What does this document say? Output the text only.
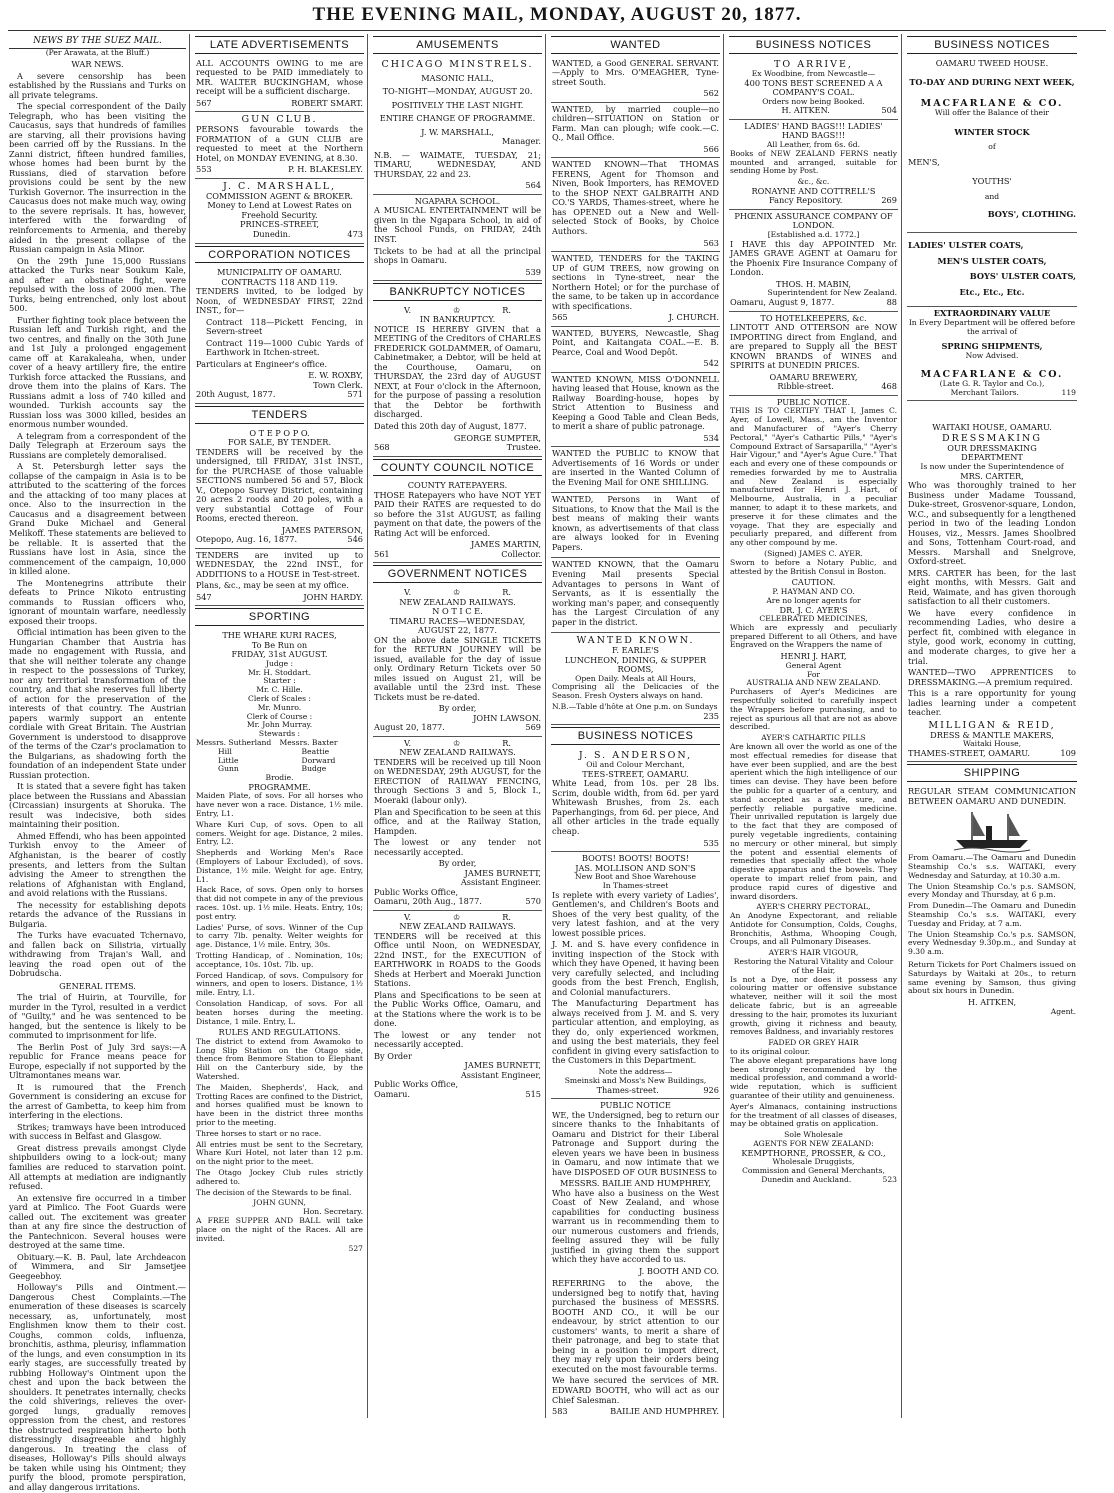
THE EVENING MAIL, MONDAY, AUGUST 20, 1877.
NEWS BY THE SUEZ MAIL.
(Per Arawata, at the Bluff.)
WAR NEWS.

A severe censorship has been established by the Russians and Turks on all private telegrams.

The special correspondent of the Daily Telegraph, who has been visiting the Caucasus, says that hundreds of families are starving, all their provisions having been carried off by the Russians. In the Zanni district, fifteen hundred families, whose homes had been burnt by the Russians, died of starvation before provisions could be sent by the new Turkish Governor. The insurrection in the Caucasus does not make much way, owing to the severe reprisals. It has, however, interfered with the forwarding of reinforcements to Armenia, and thereby aided in the present collapse of the Russian campaign in Asia Minor.

On the 29th June 15,000 Russians attacked the Turks near Soukum Kale, and after an obstinate fight, were repulsed with the loss of 2000 men. The Turks, being entrenched, only lost about 500.

Further fighting took place between the Russian left and Turkish right, and the two centres, and finally on the 30th June and 1st July a prolonged engagement came off at Karakaleaha, when, under cover of a heavy artillery fire, the entire Turkish force attacked the Russians, and drove them into the plains of Kars. The Russians admit a loss of 740 killed and wounded. Turkish accounts say the Russian loss was 3000 killed, besides an enormous number wounded.

A telegram from a correspondent of the Daily Telegraph at Erzeroum says the Russians are completely demoralised.

A St. Petersburgh letter says the collapse of the campaign in Asia is to be attributed to the scattering of the forces and the attacking of too many places at once. Also to the insurrection in the Caucasus and a disagreement between Grand Duke Michael and General Melikoff. These statements are believed to be reliable. It is asserted that the Russians have lost in Asia, since the commencement of the campaign, 10,000 in killed alone.

The Montenegrins attribute their defeats to Prince Nikoto entrusting commands to Russian officers who, ignorant of mountain warfare, needlessly exposed their troops.

Official intimation has been given to the Hungarian Chamber that Austria has made no engagement with Russia, and that she will neither tolerate any change in respect to the possessions of Turkey, nor any territorial transformation of the country, and that she reserves full liberty of action for the preservation of the interests of that country. The Austrian papers warmly support an entente cordiale with Great Britain. The Austrian Government is understood to disapprove of the terms of the Czar's proclamation to the Bulgarians, as shadowing forth the foundation of an independent State under Russian protection.

It is stated that a severe fight has taken place between the Russians and Abassian (Circassian) insurgents at Shoruka. The result was indecisive, both sides maintaining their position.

Ahmed Effendi, who has been appointed Turkish envoy to the Ameer of Afghanistan, is the bearer of costly presents, and letters from the Sultan advising the Ameer to strengthen the relations of Afghanistan with England, and avoid relations with the Russians.

The necessity for establishing depots retards the advance of the Russians in Bulgaria.

The Turks have evacuated Tchernavo, and fallen back on Silistria, virtually withdrawing from Trajan's Wall, and leaving the road open out of the Dobrudscha.

GENERAL ITEMS.

The trial of Huirin, at Tourville, for murder in the Tyrol, resulted in a verdict of "Guilty," and he was sentenced to be hanged, but the sentence is likely to be commuted to imprisonment for life.

The Berlin Post of July 3rd says:—A republic for France means peace for Europe, especially if not supported by the Ultramontanes means war.

It is rumoured that the French Government is considering an excuse for the arrest of Gambetta, to keep him from interfering in the elections.

Strikes; tramways have been introduced with success in Belfast and Glasgow.

Great distress prevails amongst Clyde shipbuilders owing to a lock-out; many families are reduced to starvation point. All attempts at mediation are indignantly refused.

An extensive fire occurred in a timber yard at Pimlico. The Foot Guards were called out. The excitement was greater than at any fire since the destruction of the Pantechnicon. Several houses were destroyed at the same time.

Obituary.—K. B. Paul, late Archdeacon of Wimmera, and Sir Jamsetjee Geegeebhoy.

Holloway's Pills and Ointment.—Dangerous Chest Complaints.—The enumeration of these diseases is scarcely necessary, as, unfortunately, most Englishmen know them to their cost. Coughs, common colds, influenza, bronchitis, asthma, pleurisy, inflammation of the lungs, and even consumption in its early stages, are successfully treated by rubbing Holloway's Ointment upon the chest and upon the back between the shoulders. It penetrates internally, checks the cold shiverings, relieves the over-gorged lungs, gradually removes oppression from the chest, and restores the obstructed respiration hitherto both distressingly disagreeable and highly dangerous. In treating the class of diseases, Holloway's Pills should always be taken while using his Ointment; they purify the blood, promote perspiration, and allay dangerous irritations.

LATE ADVERTISEMENTS

ALL ACCOUNTS OWING to me are requested to be PAID immediately to MR. WALTER BUCKINGHAM, whose receipt will be a sufficient discharge.

567	ROBERT SMART.
GUN CLUB.

PERSONS favourable towards the FORMATION of a GUN CLUB are requested to meet at the Northern Hotel, on MONDAY EVENING, at 8.30.

553	P. H. BLAKESLEY.
J. C. MARSHALL,
COMMISSION AGENT & BROKER.
Money to Lend at Lowest Rates on Freehold Security.
PRINCES-STREET,
Dunedin.	473
CORPORATION NOTICES
MUNICIPALITY OF OAMARU.
CONTRACTS 118 AND 119.

TENDERS invited, to be lodged by Noon, of WEDNESDAY FIRST, 22nd INST., for—

Contract 118—Pickett Fencing, in Severn-street

Contract 119—1000 Cubic Yards of Earthwork in Itchen-street.

Particulars at Engineer's office.

E. W. ROXBY,
Town Clerk.
20th August, 1877.	571
TENDERS
O T E P O P O.
FOR SALE, BY TENDER.

TENDERS will be received by the undersigned, till FRIDAY, 31st INST., for the PURCHASE of those valuable SECTIONS numbered 56 and 57, Block V., Otepopo Survey District, containing 20 acres 2 roods and 20 poles, with a very substantial Cottage of Four Rooms, erected thereon.

JAMES PATERSON,
Otepopo, Aug. 16, 1877.	546

TENDERS are invited up to WEDNESDAY, the 22nd INST., for ADDITIONS to a HOUSE in Test-street.

Plans, &c., may be seen at my office.

547	JOHN HARDY.
SPORTING
THE WHARE KURI RACES,
To Be Run on
FRIDAY, 31st AUGUST.
Judge :
Mr. H. Stoddart.
Starter :
Mr. C. Hille.
Clerk of Scales :
Mr. Munro.
Clerk of Course :
Mr. John Murray.
Stewards :
Messrs. Sutherland
Hill
Little
Gunn
Messrs. Baxter
Beattie
Dorward
Budge
Brodie.
PROGRAMME.

Maiden Plate, of sovs. For all horses who have never won a race. Distance, 1½ mile. Entry, L1.

Whare Kuri Cup, of sovs. Open to all comers. Weight for age. Distance, 2 miles. Entry, L2.

Shepherds and Working Men's Race (Employers of Labour Excluded), of sovs. Distance, 1½ mile. Weight for age. Entry, L1.

Hack Race, of sovs. Open only to horses that did not compete in any of the previous races. 10st. up. 1½ mile. Heats. Entry, 10s; post entry.

Ladies' Purse, of sovs. Winner of the Cup to carry 7lb. penalty. Welter weights for age. Distance, 1½ mile. Entry, 30s.

Trotting Handicap, of . Nomination, 10s; acceptance, 10s. 10st. 7lb. up.

Forced Handicap, of sovs. Compulsory for winners, and open to losers. Distance, 1½ mile. Entry, L1.

Consolation Handicap, of sovs. For all beaten horses during the meeting. Distance, 1 mile. Entry, L.

RULES AND REGULATIONS.

The district to extend from Awamoko to Long Slip Station on the Otago side, thence from Benmore Station to Elephant Hill on the Canterbury side, by the Watershed.

The Maiden, Shepherds', Hack, and Trotting Races are confined to the District, and horses qualified must be known to have been in the district three months prior to the meeting.

Three horses to start or no race.

All entries must be sent to the Secretary, Whare Kuri Hotel, not later than 12 p.m. on the night prior to the meet.

The Otago Jockey Club rules strictly adhered to.

The decision of the Stewards to be final.

JOHN GUNN,
Hon. Secretary.

A FREE SUPPER AND BALL will take place on the night of the Races. All are invited.

527
AMUSEMENTS
CHICAGO MINSTRELS.
MASONIC HALL,
TO-NIGHT—MONDAY, AUGUST 20.
POSITIVELY THE LAST NIGHT.
ENTIRE CHANGE OF PROGRAMME.
J. W. MARSHALL,
Manager.

N.B. — WAIMATE, TUESDAY, 21; TIMARU, WEDNESDAY, AND THURSDAY, 22 and 23.

564
NGAPARA SCHOOL.

A MUSICAL ENTERTAINMENT will be given in the Ngapara School, in aid of the School Funds, on FRIDAY, 24th INST.

Tickets to be had at all the principal shops in Oamaru.

539
BANKRUPTCY NOTICES
V.	♔	R.
IN BANKRUPTCY.

NOTICE IS HEREBY GIVEN that a MEETING of the Creditors of CHARLES FREDERICK GOLDAMMER, of Oamaru, Cabinetmaker, a Debtor, will be held at the Courthouse, Oamaru, on THURSDAY, the 23rd day of AUGUST NEXT, at Four o'clock in the Afternoon, for the purpose of passing a resolution that the Debtor be forthwith discharged.

Dated this 20th day of August, 1877.

GEORGE SUMPTER,
568	Trustee.
COUNTY COUNCIL NOTICE
COUNTY RATEPAYERS.

THOSE Ratepayers who have NOT YET PAID their RATES are requested to do so before the 31st AUGUST, as failing payment on that date, the powers of the Rating Act will be enforced.

JAMES MARTIN,
561	Collector.
GOVERNMENT NOTICES
V.	♔	R.
NEW ZEALAND RAILWAYS.
N O T I C E.
TIMARU RACES—WEDNESDAY, AUGUST 22, 1877.

ON the above date SINGLE TICKETS for the RETURN JOURNEY will be issued, available for the day of issue only. Ordinary Return Tickets over 50 miles issued on August 21, will be available until the 23rd inst. These Tickets must be re-dated.

By order,
JOHN LAWSON.
August 20, 1877.	569
V.	♔	R.
NEW ZEALAND RAILWAYS.

TENDERS will be received up till Noon on WEDNESDAY, 29th AUGUST, for the ERECTION of RAILWAY FENCING, through Sections 3 and 5, Block I., Moeraki (labour only).

Plan and Specification to be seen at this office, and at the Railway Station, Hampden.

The lowest or any tender not necessarily accepted.

By order,
JAMES BURNETT,
Assistant Engineer.
Public Works Office,
Oamaru, 20th Aug., 1877.	570
V.	♔	R.
NEW ZEALAND RAILWAYS.

TENDERS will be received at this Office until Noon, on WEDNESDAY, 22nd INST., for the EXECUTION of EARTHWORK in ROADS to the Goods Sheds at Herbert and Moeraki Junction Stations.

Plans and Specifications to be seen at the Public Works Office, Oamaru, and at the Stations where the work is to be done.

The lowest or any tender not necessarily accepted.

By Order
JAMES BURNETT,
Assistant Engineer,
Public Works Office,
Oamaru.	515
WANTED

WANTED, a Good GENERAL SERVANT.—Apply to Mrs. O'MEAGHER, Tyne-street South.

562

WANTED, by married couple—no children—SITUATION on Station or Farm. Man can plough; wife cook.—C. Q., Mail Office.

566

WANTED KNOWN—That THOMAS FERENS, Agent for Thomson and Niven, Book Importers, has REMOVED to the SHOP NEXT GALBRAITH AND CO.'S YARDS, Thames-street, where he has OPENED out a New and Well-selected Stock of Books, by Choice Authors.

563

WANTED, TENDERS for the TAKING UP of GUM TREES, now growing on sections in Tyne-street, near the Northern Hotel; or for the purchase of the same, to be taken up in accordance with specifications.

565	J. CHURCH.

WANTED, BUYERS, Newcastle, Shag Point, and Kaitangata COAL.—E. B. Pearce, Coal and Wood Depôt.

542

WANTED KNOWN, MISS O'DONNELL having leased that House, known as the Railway Boarding-house, hopes by Strict Attention to Business and Keeping a Good Table and Clean Beds, to merit a share of public patronage.

534

WANTED the PUBLIC to KNOW that Advertisements of 16 Words or under are inserted in the Wanted Column of the Evening Mail for ONE SHILLING.

WANTED, Persons in Want of Situations, to Know that the Mail is the best means of making their wants known, as advertisements of that class are always looked for in Evening Papers.

WANTED KNOWN, that the Oamaru Evening Mail presents Special Advantages to persons in Want of Servants, as it is essentially the working man's paper, and consequently has the Largest Circulation of any paper in the district.

WANTED KNOWN.
F. EARLE'S
LUNCHEON, DINING, & SUPPER ROOMS,
Open Daily. Meals at All Hours,

Comprising all the Delicacies of the Season. Fresh Oysters always on hand.

N.B.—Table d'hôte at One p.m. on Sundays
235
BUSINESS NOTICES
J. S. ANDERSON,
Oil and Colour Merchant,
TEES-STREET, OAMARU.

White Lead, from 10s. per 28 lbs. Scrim, double width, from 6d. per yard Whitewash Brushes, from 2s. each Paperhangings, from 6d. per piece, And all other articles in the trade equally cheap.

535
BOOTS! BOOTS! BOOTS!
JAS. MOLLISON AND SON'S
New Boot and Shoe Warehouse
In Thames-street

Is replete with every variety of Ladies', Gentlemen's, and Children's Boots and Shoes of the very best quality, of the very latest fashion, and at the very lowest possible prices.

J. M. and S. have every confidence in inviting inspection of the Stock with which they have Opened, it having been very carefully selected, and including goods from the best French, English, and Colonial manufacturers.

The Manufacturing Department has always received from J. M. and S. very particular attention, and employing, as they do, only experienced workmen, and using the best materials, they feel confident in giving every satisfaction to the Customers in this Department.

Note the address—
Smeinski and Moss's New Buildings,
Thames-street.	926
PUBLIC NOTICE

WE, the Undersigned, beg to return our sincere thanks to the Inhabitants of Oamaru and District for their Liberal Patronage and Support during the eleven years we have been in business in Oamaru, and now intimate that we have DISPOSED OF OUR BUSINESS to

MESSRS. BAILIE AND HUMPHREY,

Who have also a business on the West Coast of New Zealand, and whose capabilities for conducting business warrant us in recommending them to our numerous customers and friends, feeling assured they will be fully justified in giving them the support which they have accorded to us.

J. BOOTH AND CO.

REFERRING to the above, the undersigned beg to notify that, having purchased the business of MESSRS. BOOTH AND CO., it will be our endeavour, by strict attention to our customers' wants, to merit a share of their patronage, and beg to state that being in a position to import direct, they may rely upon their orders being executed on the most favourable terms.

We have secured the services of MR. EDWARD BOOTH, who will act as our Chief Salesman.

583	BAILIE AND HUMPHREY.
BUSINESS NOTICES
TO ARRIVE,
Ex Woodbine, from Newcastle—
400 TONS BEST SCREENED A A COMPANY'S COAL.
Orders now being Booked.
H. AITKEN.	504
LADIES' HAND BAGS!!! LADIES' HAND BAGS!!!
All Leather, from 6s. 6d.

Books of NEW ZEALAND FERNS neatly mounted and arranged, suitable for sending Home by Post.

&c., &c.
RONAYNE AND COTTRELL'S
Fancy Repository.	269
PHŒNIX ASSURANCE COMPANY OF LONDON.
[Established a.d. 1772.]

I HAVE this day APPOINTED Mr. JAMES GRAVE AGENT at Oamaru for the Phoenix Fire Insurance Company of London.

THOS. H. MABIN,
Superintendent for New Zealand.
Oamaru, August 9, 1877.	88
TO HOTELKEEPERS, &c.

LINTOTT AND OTTERSON are NOW IMPORTING direct from England, and are prepared to Supply all the BEST KNOWN BRANDS of WINES and SPIRITS at DUNEDIN PRICES.

OAMARU BREWERY,
Ribble-street.	468
PUBLIC NOTICE.

THIS IS TO CERTIFY THAT I, James C. Ayer, of Lowell, Mass., am the Inventor and Manufacturer of "Ayer's Cherry Pectoral," "Ayer's Cathartic Pills," "Ayer's Compound Extract of Sarsaparilla," "Ayer's Hair Vigour," and "Ayer's Ague Cure." That each and every one of these compounds or remedies forwarded by me to Australia and New Zealand is especially manufactured for Henri J. Hart, of Melbourne, Australia, in a peculiar manner, to adapt it to these markets, and preserve it for these climates and the voyage. That they are especially and peculiarly prepared, and different from any other compound by me.

(Signed) JAMES C. AYER.

Sworn to before a Notary Public, and attested by the British Consul in Boston.

CAUTION.
P. HAYMAN AND CO.
Are no longer agents for
DR. J. C. AYER'S
CELEBRATED MEDICINES,

Which are expressly and peculiarly prepared Different to all Others, and have Engraved on the Wrappers the name of

HENRI J. HART,
General Agent
For
AUSTRALIA AND NEW ZEALAND.

Purchasers of Ayer's Medicines are respectfully solicited to carefully inspect the Wrappers before purchasing, and to reject as spurious all that are not as above described.

AYER'S CATHARTIC PILLS

Are known all over the world as one of the most effectual remedies for disease that have ever been supplied, and are the best aperient which the high intelligence of our times can devise. They have been before the public for a quarter of a century, and stand accepted as a safe, sure, and perfectly reliable purgative medicine. Their unrivalled reputation is largely due to the fact that they are composed of purely vegetable ingredients, containing no mercury or other mineral, but simply the potent and essential elements of remedies that specially affect the whole digestive apparatus and the bowels. They operate to impart relief from pain, and produce rapid cures of digestive and inward disorders.

AYER'S CHERRY PECTORAL,

An Anodyne Expectorant, and reliable Antidote for Consumption, Colds, Coughs, Bronchitis, Asthma, Whooping Cough, Croups, and all Pulmonary Diseases.

AYER'S HAIR VIGOUR,
Restoring the Natural Vitality and Colour of the Hair,

Is not a Dye, nor does it possess any colouring matter or offensive substance whatever, neither will it soil the most delicate fabric, but is an agreeable dressing to the hair, promotes its luxuriant growth, giving it richness and beauty, removes Baldness, and invariably restores

FADED OR GREY HAIR
to its original colour.

The above elegant preparations have long been strongly recommended by the medical profession, and command a world-wide reputation, which is sufficient guarantee of their utility and genuineness.

Ayer's Almanacs, containing instructions for the treatment of all classes of diseases, may be obtained gratis on application.

Sole Wholesale
AGENTS FOR NEW ZEALAND:
KEMPTHORNE, PROSSER, & CO.,
Wholesale Druggists,
Commission and General Merchants,
Dunedin and Auckland.	523
BUSINESS NOTICES
OAMARU TWEED HOUSE.
TO-DAY AND DURING NEXT WEEK,
MACFARLANE & CO.
Will offer the Balance of their
WINTER STOCK
of
MEN'S,
YOUTHS'
and
BOYS', CLOTHING.
LADIES' ULSTER COATS,
MEN'S ULSTER COATS,
BOYS' ULSTER COATS,
Etc., Etc., Etc.
EXTRAORDINARY VALUE
In Every Department will be offered before the arrival of
SPRING SHIPMENTS,
Now Advised.
MACFARLANE & CO.
(Late G. R. Taylor and Co.),
Merchant Tailors.	119
WAITAKI HOUSE, OAMARU.
DRESSMAKING
OUR DRESSMAKING
DEPARTMENT
Is now under the Superintendence of
MRS. CARTER,

Who was thoroughly trained to her Business under Madame Toussand, Duke-street, Grosvenor-square, London, W.C., and subsequently for a lengthened period in two of the leading London Houses, viz., Messrs. James Shoolbred and Sons, Tottenham Court-road, and Messrs. Marshall and Snelgrove, Oxford-street.

MRS. CARTER has been, for the last eight months, with Messrs. Gait and Reid, Waimate, and has given thorough satisfaction to all their customers.

We have every confidence in recommending Ladies, who desire a perfect fit, combined with elegance in style, good work, economy in cutting, and moderate charges, to give her a trial.

WANTED—TWO APPRENTICES to DRESSMAKING.—A premium required.

This is a rare opportunity for young ladies learning under a competent teacher.

MILLIGAN & REID,
DRESS & MANTLE MAKERS,
Waitaki House,
THAMES-STREET, OAMARU.	109
SHIPPING

REGULAR STEAM COMMUNICATION BETWEEN OAMARU AND DUNEDIN.

From Oamaru.—The Oamaru and Dunedin Steamship Co.'s s.s. WAITAKI, every Wednesday and Saturday, at 10.30 a.m.

The Union Steamship Co.'s p.s. SAMSON, every Monday and Thursday, at 6 p.m.

From Dunedin—The Oamaru and Dunedin Steamship Co.'s s.s. WAITAKI, every Tuesday and Friday, at 7 a.m.

The Union Steamship Co.'s p.s. SAMSON, every Wednesday 9.30p.m., and Sunday at 9.30 a.m.

Return Tickets for Port Chalmers issued on Saturdays by Waitaki at 20s., to return same evening by Samson, thus giving about six hours in Dunedin.

H. AITKEN,
Agent.
